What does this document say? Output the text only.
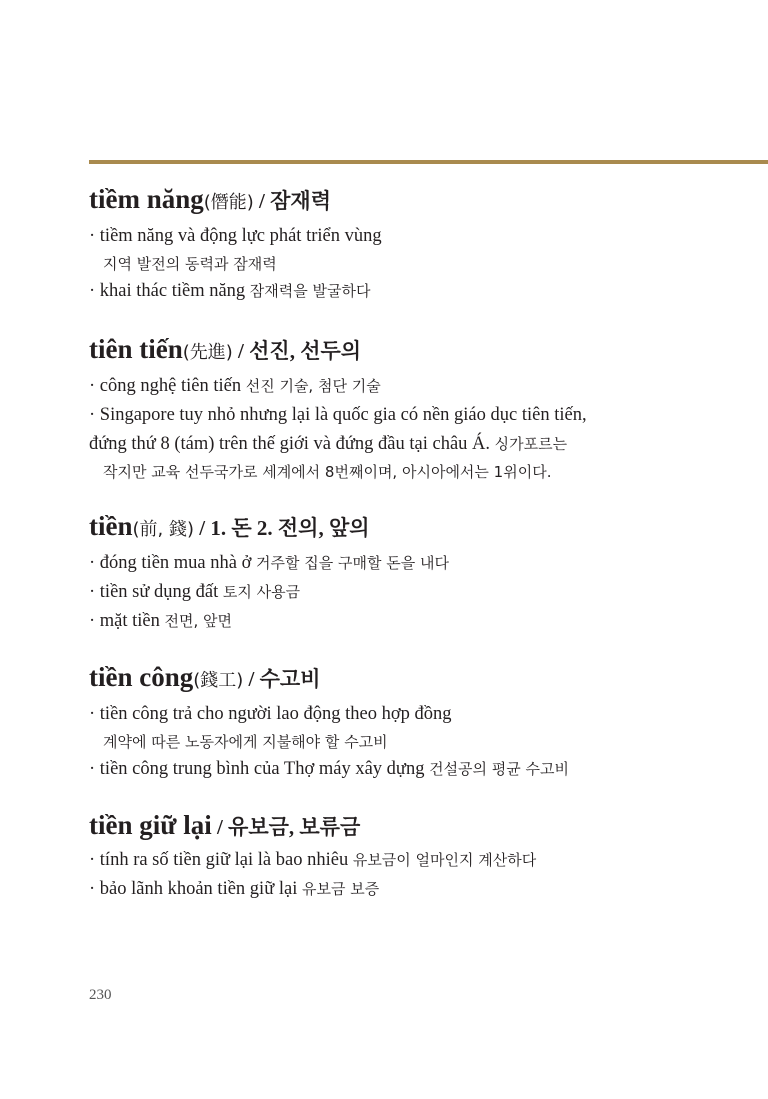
tiềm năng(僭能) / 잠재력
· tiềm năng và động lực phát triển vùng
지역 발전의 동력과 잠재력
· khai thác tiềm năng 잠재력을 발굴하다
tiên tiến(先進) / 선진, 선두의
· công nghệ tiên tiến 선진 기술, 첨단 기술
· Singapore tuy nhỏ nhưng lại là quốc gia có nền giáo dục tiên tiến,
đứng thứ 8 (tám) trên thế giới và đứng đầu tại châu Á. 싱가포르는
작지만 교육 선두국가로 세계에서 8번째이며, 아시아에서는 1위이다.
tiền(前, 錢) / 1. 돈 2. 전의, 앞의
· đóng tiền mua nhà ở 거주할 집을 구매할 돈을 내다
· tiền sử dụng đất 토지 사용금
· mặt tiền 전면, 앞면
tiền công(錢工) / 수고비
· tiền công trả cho người lao động theo hợp đồng
계약에 따른 노동자에게 지불해야 할 수고비
· tiền công trung bình của Thợ máy xây dựng 건설공의 평균 수고비
tiền giữ lại / 유보금, 보류금
· tính ra số tiền giữ lại là bao nhiêu 유보금이 얼마인지 계산하다
· bảo lãnh khoản tiền giữ lại 유보금 보증
230
